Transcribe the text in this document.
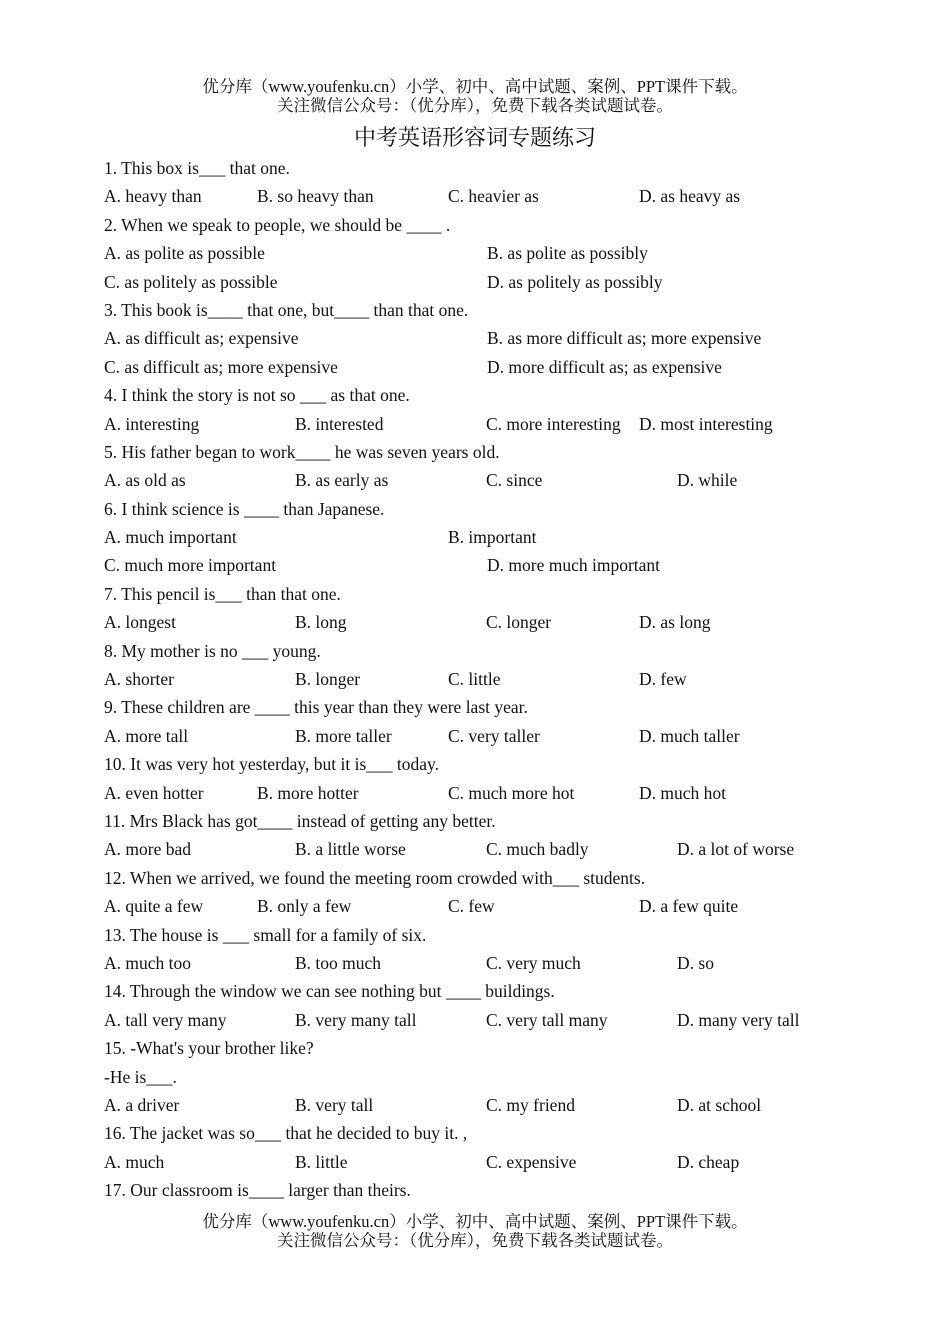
优分库（www.youfenku.cn）小学、初中、高中试题、案例、PPT课件下载。
关注微信公众号：（优分库），免费下载各类试题试卷。
中考英语形容词专题练习
1. This box is___ that one.
A. heavy than	B. so heavy than	C. heavier as	D. as heavy as
2. When we speak to people, we should be ____ .
A. as polite as possible	B. as polite as possibly
C. as politely as possible	D. as politely as possibly
3. This book is____ that one, but____ than that one.
A. as difficult as; expensive	B. as more difficult as; more expensive
C. as difficult as; more expensive	D. more difficult as; as expensive
4. I think the story is not so ___ as that one.
A. interesting	B. interested	C. more interesting D. most interesting
5. His father began to work____ he was seven years old.
A. as old as	B. as early as	C. since	D. while
6. I think science is ____ than Japanese.
A. much important	B. important
C. much more important	D. more much important
7. This pencil is___ than that one.
A. longest	B. long	C. longer	D. as long
8. My mother is no ___ young.
A. shorter	B. longer	C. little	D. few
9. These children are ____ this year than they were last year.
A. more tall	B. more taller	C. very taller	D. much taller
10. It was very hot yesterday, but it is___ today.
A. even hotter	B. more hotter	C. much more hot	D. much hot
11. Mrs Black has got____ instead of getting any better.
A. more bad	B. a little worse	C. much badly	D. a lot of worse
12. When we arrived, we found the meeting room crowded with___ students.
A. quite a few	B. only a few	C. few	D. a few quite
13. The house is ___ small for a family of six.
A. much too	B. too much	C. very much	D. so
14. Through the window we can see nothing but ____ buildings.
A. tall very many	B. very many tall	C. very tall many	D. many very tall
15. -What's your brother like?
-He is___.
A. a driver	B. very tall	C. my friend	D. at school
16. The jacket was so___ that he decided to buy it. ,
A. much	B. little	C. expensive	D. cheap
17. Our classroom is____ larger than theirs.
优分库（www.youfenku.cn）小学、初中、高中试题、案例、PPT课件下载。
关注微信公众号：（优分库），免费下载各类试题试卷。
